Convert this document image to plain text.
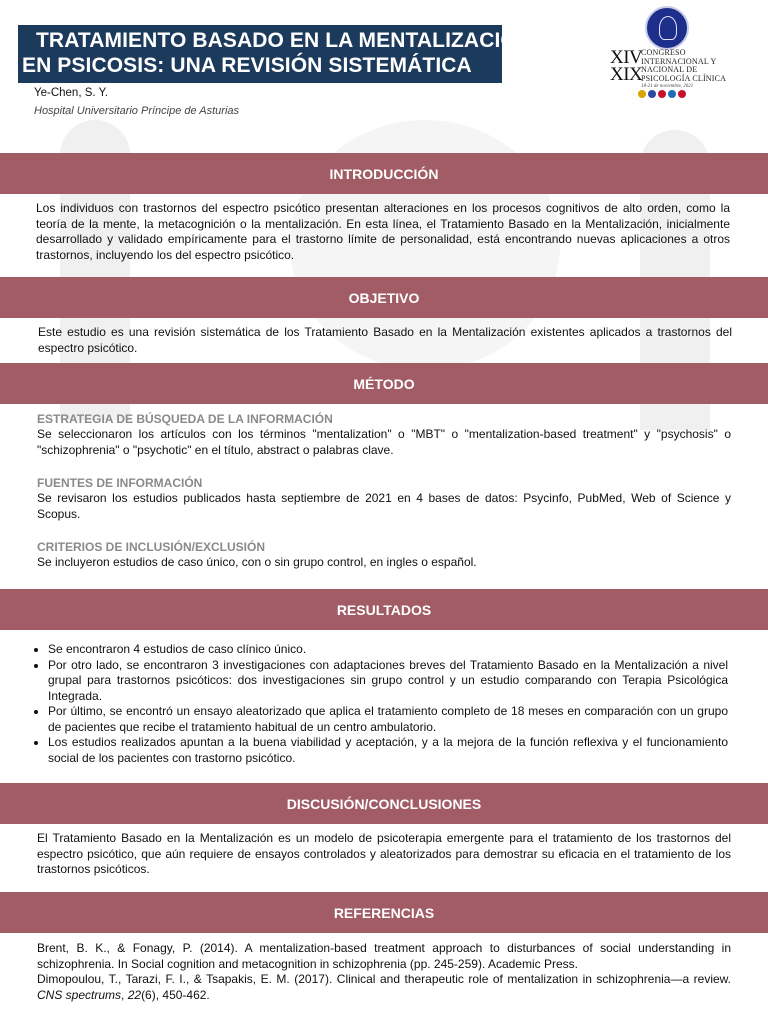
TRATAMIENTO BASADO EN LA MENTALIZACIÓN
EN PSICOSIS: UNA REVISIÓN SISTEMÁTICA
Ye-Chen, S. Y.
Hospital Universitario Príncipe de Asturias
XIV
XIX
CONGRESO
INTERNACIONAL Y
NACIONAL DE
PSICOLOGÍA CLÍNICA
18-21 de noviembre, 2021
INTRODUCCIÓN
Los individuos con trastornos del espectro psicótico presentan alteraciones en los procesos cognitivos de alto orden, como la teoría de la mente, la metacognición o la mentalización. En esta línea, el Tratamiento Basado en la Mentalización, inicialmente desarrollado y validado empíricamente para el trastorno límite de personalidad, está encontrando nuevas aplicaciones a otros trastornos, incluyendo los del espectro psicótico.
OBJETIVO
Este estudio es una revisión sistemática de los Tratamiento Basado en la Mentalización existentes aplicados a trastornos del espectro psicótico.
MÉTODO
ESTRATEGIA DE BÚSQUEDA DE LA INFORMACIÓN
Se seleccionaron los artículos con los términos "mentalization" o "MBT" o "mentalization-based treatment" y "psychosis" o "schizophrenia" o "psychotic" en el título, abstract o palabras clave.
FUENTES DE INFORMACIÓN
Se revisaron los estudios publicados hasta septiembre de 2021 en 4 bases de datos: Psycinfo, PubMed, Web of Science y Scopus.
CRITERIOS DE INCLUSIÓN/EXCLUSIÓN
Se incluyeron estudios de caso único, con o sin grupo control, en ingles o español.
RESULTADOS
• Se encontraron 4 estudios de caso clínico único.
• Por otro lado, se encontraron 3 investigaciones con adaptaciones breves del Tratamiento Basado en la Mentalización a nivel grupal para trastornos psicóticos: dos investigaciones sin grupo control y un estudio comparando con Terapia Psicológica Integrada.
• Por último, se encontró un ensayo aleatorizado que aplica el tratamiento completo de 18 meses en comparación con un grupo de pacientes que recibe el tratamiento habitual de un centro ambulatorio.
• Los estudios realizados apuntan a la buena viabilidad y aceptación, y a la mejora de la función reflexiva y el funcionamiento social de los pacientes con trastorno psicótico.
DISCUSIÓN/CONCLUSIONES
El Tratamiento Basado en la Mentalización es un modelo de psicoterapia emergente para el tratamiento de los trastornos del espectro psicótico, que aún requiere de ensayos controlados y aleatorizados para demostrar su eficacia en el tratamiento de los trastornos psicóticos.
REFERENCIAS

Brent, B. K., & Fonagy, P. (2014). A mentalization-based treatment approach to disturbances of social understanding in schizophrenia. In Social cognition and metacognition in schizophrenia (pp. 245-259). Academic Press.

Dimopoulou, T., Tarazi, F. I., & Tsapakis, E. M. (2017). Clinical and therapeutic role of mentalization in schizophrenia—a review. CNS spectrums, 22(6), 450-462.
